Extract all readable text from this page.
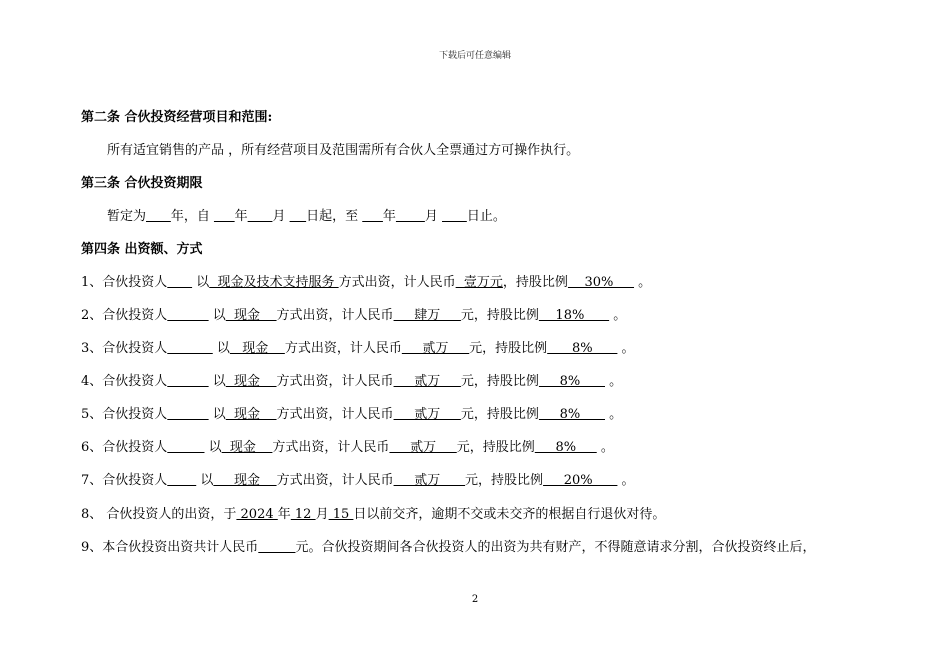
下载后可任意编辑
第二条 合伙投资经营项目和范围:
所有适宜销售的产品 ，所有经营项目及范围需所有合伙人全票通过方可操作执行。
第三条 合伙投资期限
暂定为 年，自      年 月     日起，至      年 月       日止。
第四条 出资额、方式
1、合伙投资人       以  现金及技术支持服务 方式出资，计人民币  壹万元，持股比例    30%      。
2、合伙投资人	以  现金    方式出资，计人民币     肆万     元，持股比例    18%       。
3、合伙投资人	以   现金    方式出资，计人民币     贰万     元，持股比例      8%       。
4、合伙投资人	以  现金    方式出资，计人民币     贰万     元，持股比例     8%       。
5、合伙投资人	以  现金    方式出资，计人民币     贰万     元，持股比例     8%       。
6、合伙投资人	以  现金    方式出资，计人民币     贰万     元，持股比例     8%      。
7、合伙投资人        以     现金    方式出资，计人民币     贰万      元，持股比例     20%       。
8、 合伙投资人的出资，于 2024 年 12 月 15 日以前交齐，逾期不交或未交齐的根据自行退伙对待。
9、本合伙投资出资共计人民币	元。合伙投资期间各合伙投资人的出资为共有财产，不得随意请求分割，合伙投资终止后，
2
